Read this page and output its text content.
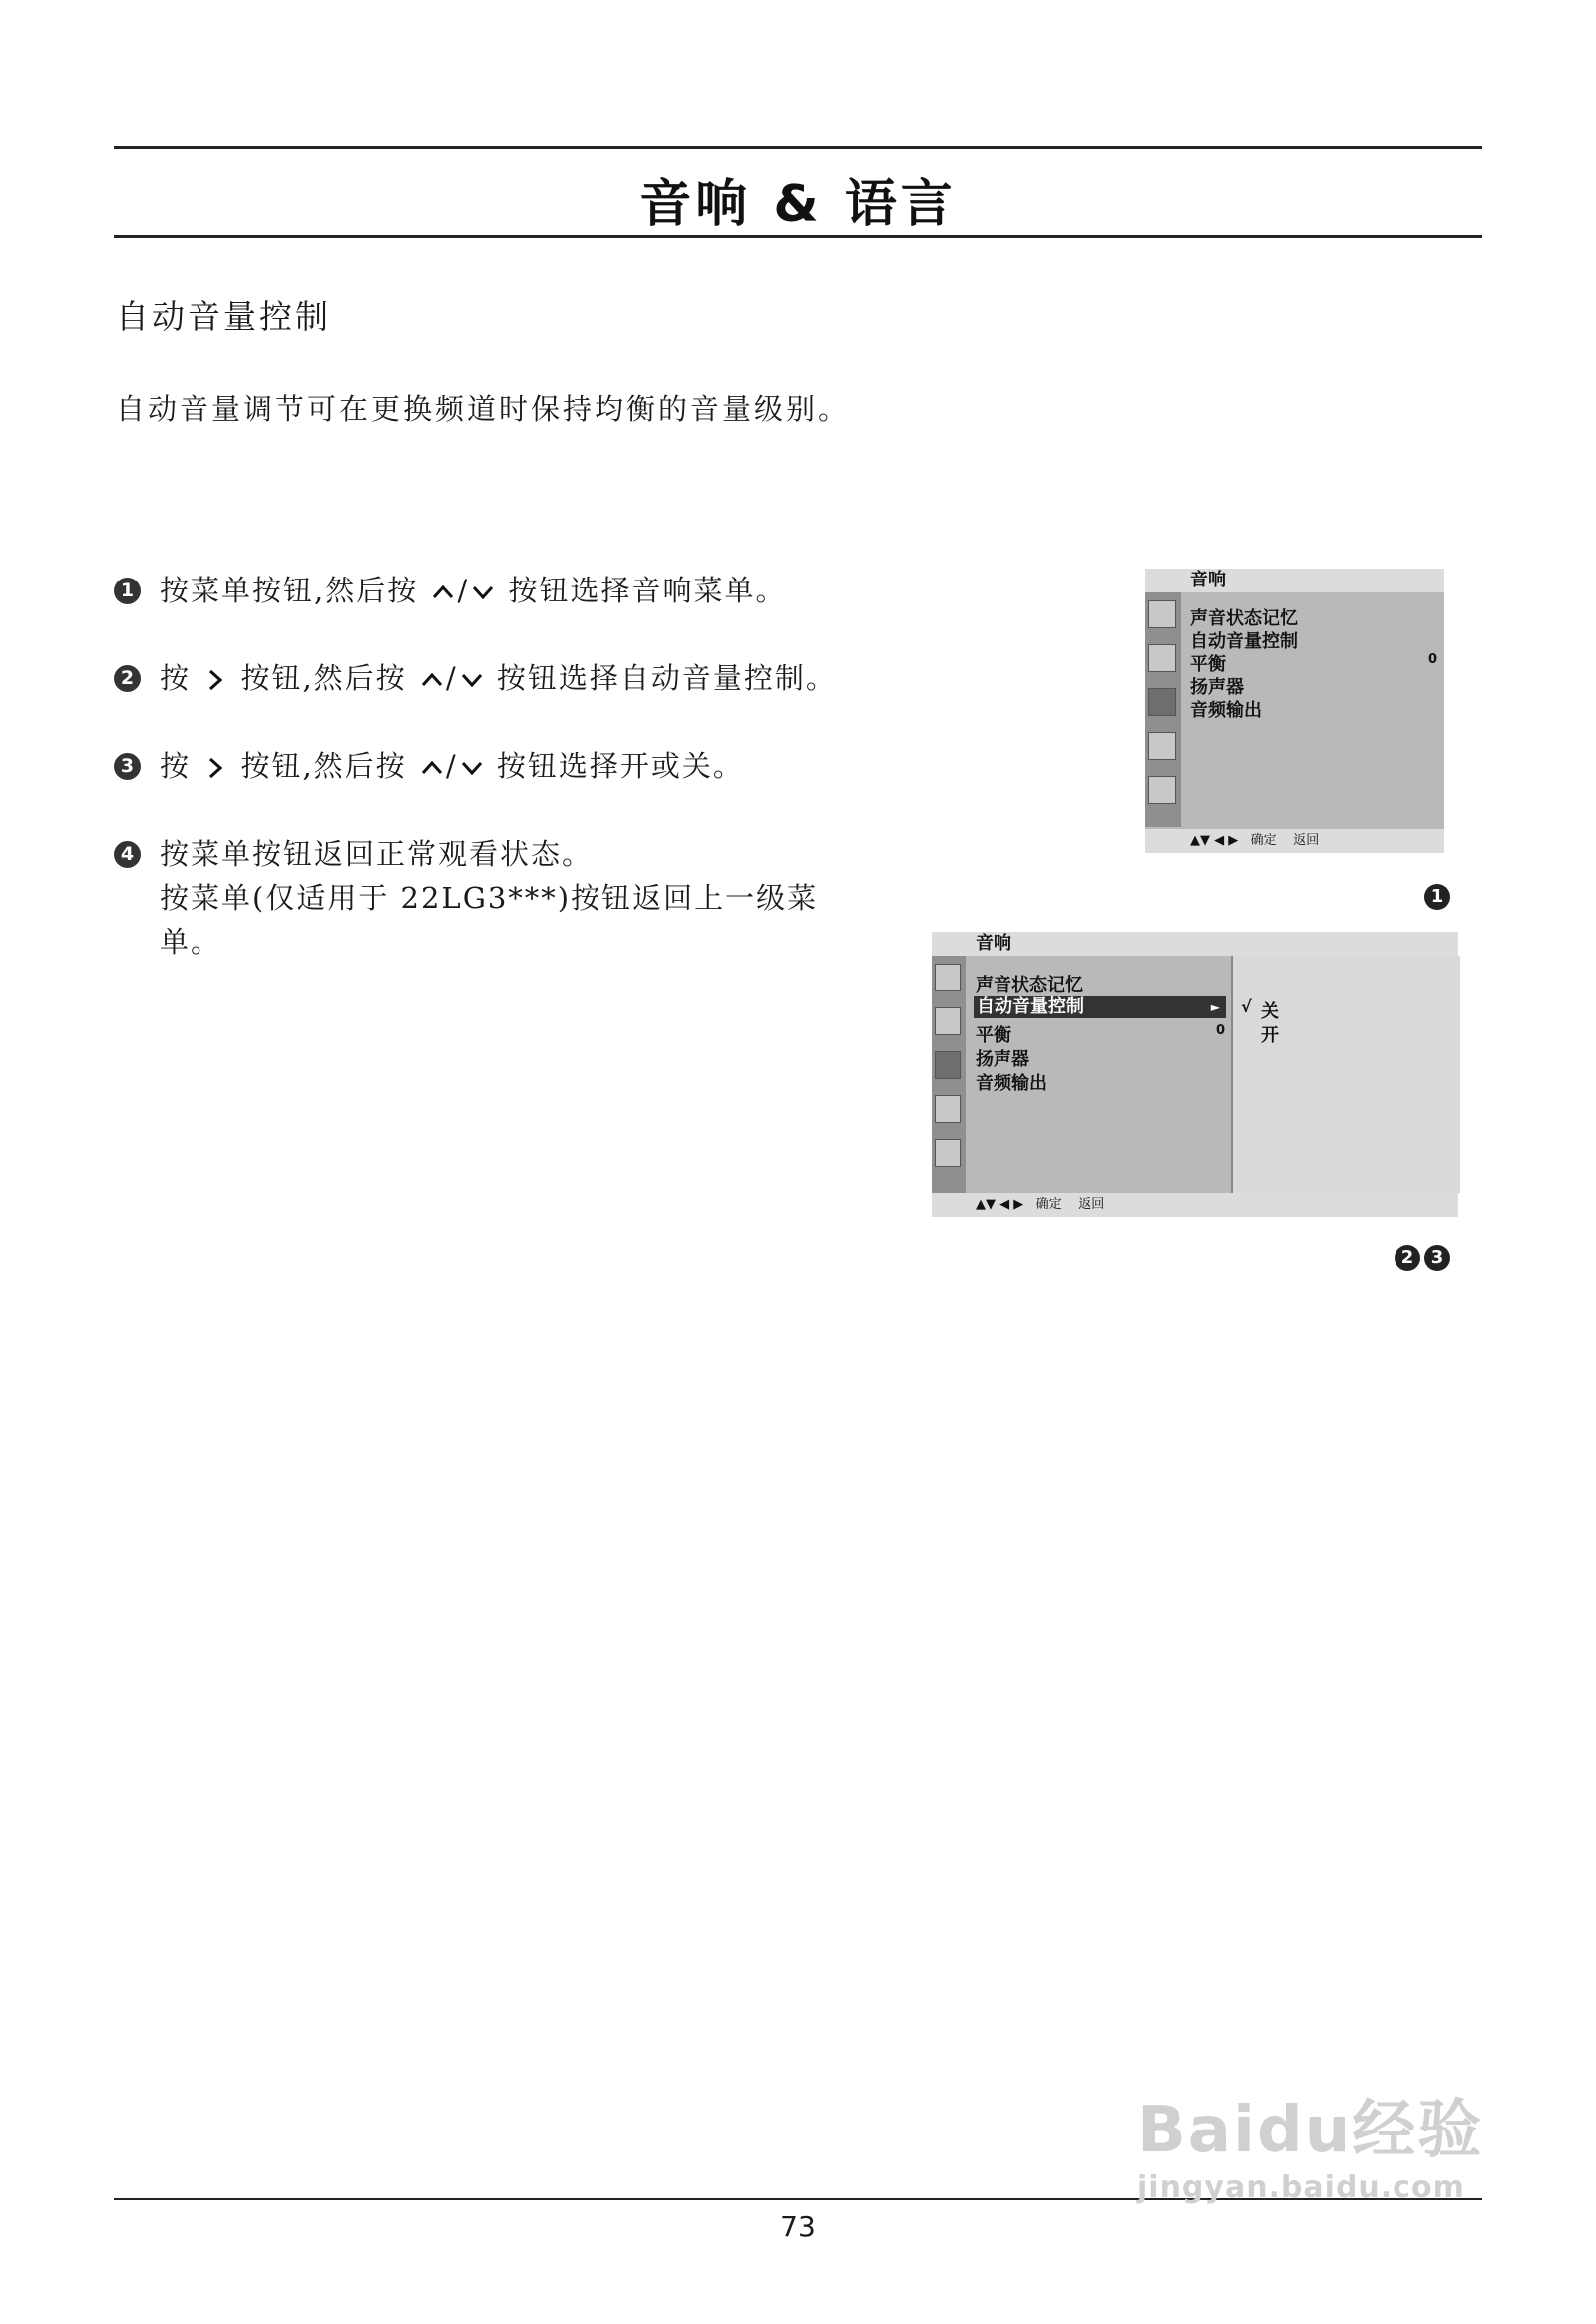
音响 & 语言
自动音量控制
自动音量调节可在更换频道时保持均衡的音量级别。
1 按菜单按钮,然后按 / 按钮选择音响菜单。
2 按 按钮,然后按 / 按钮选择自动音量控制。
3 按 按钮,然后按 / 按钮选择开或关。
4 按菜单按钮返回正常观看状态。
按菜单(仅适用于 22LG3***)按钮返回上一级菜单。
音响
声音状态记忆
自动音量控制
平衡	0
扬声器
音频输出
▲▼ ◀ ▶ 确定 返回
1
音响
声音状态记忆
自动音量控制	►
平衡	0
扬声器
音频输出
√ 关
开
▲▼ ◀ ▶ 确定 返回
2 3
73
Baidu经验
jingyan.baidu.com
